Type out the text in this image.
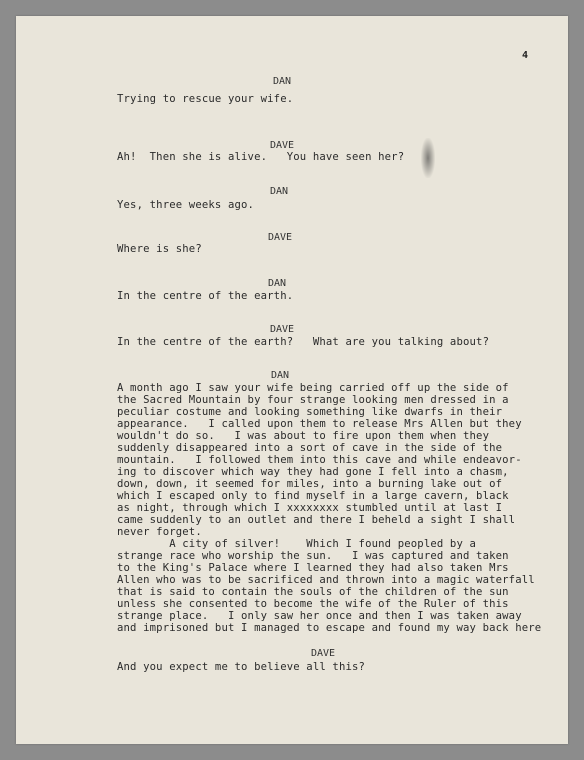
4
DAN
Trying to rescue your wife.
DAVE
Ah!  Then she is alive.   You have seen her?
DAN
Yes, three weeks ago.
DAVE
Where is she?
DAN
In the centre of the earth.
DAVE
In the centre of the earth?   What are you talking about?
DAN
A month ago I saw your wife being carried off up the side of
the Sacred Mountain by four strange looking men dressed in a
peculiar costume and looking something like dwarfs in their
appearance.   I called upon them to release Mrs Allen but they
wouldn't do so.   I was about to fire upon them when they
suddenly disappeared into a sort of cave in the side of the
mountain.   I followed them into this cave and while endeavor-
ing to discover which way they had gone I fell into a chasm,
down, down, it seemed for miles, into a burning lake out of
which I escaped only to find myself in a large cavern, black
as night, through which I xxxxxxxx stumbled until at last I
came suddenly to an outlet and there I beheld a sight I shall
never forget.
A city of silver!    Which I found peopled by a
strange race who worship the sun.   I was captured and taken
to the King's Palace where I learned they had also taken Mrs
Allen who was to be sacrificed and thrown into a magic waterfall
that is said to contain the souls of the children of the sun
unless she consented to become the wife of the Ruler of this
strange place.   I only saw her once and then I was taken away
and imprisoned but I managed to escape and found my way back here
DAVE
And you expect me to believe all this?
